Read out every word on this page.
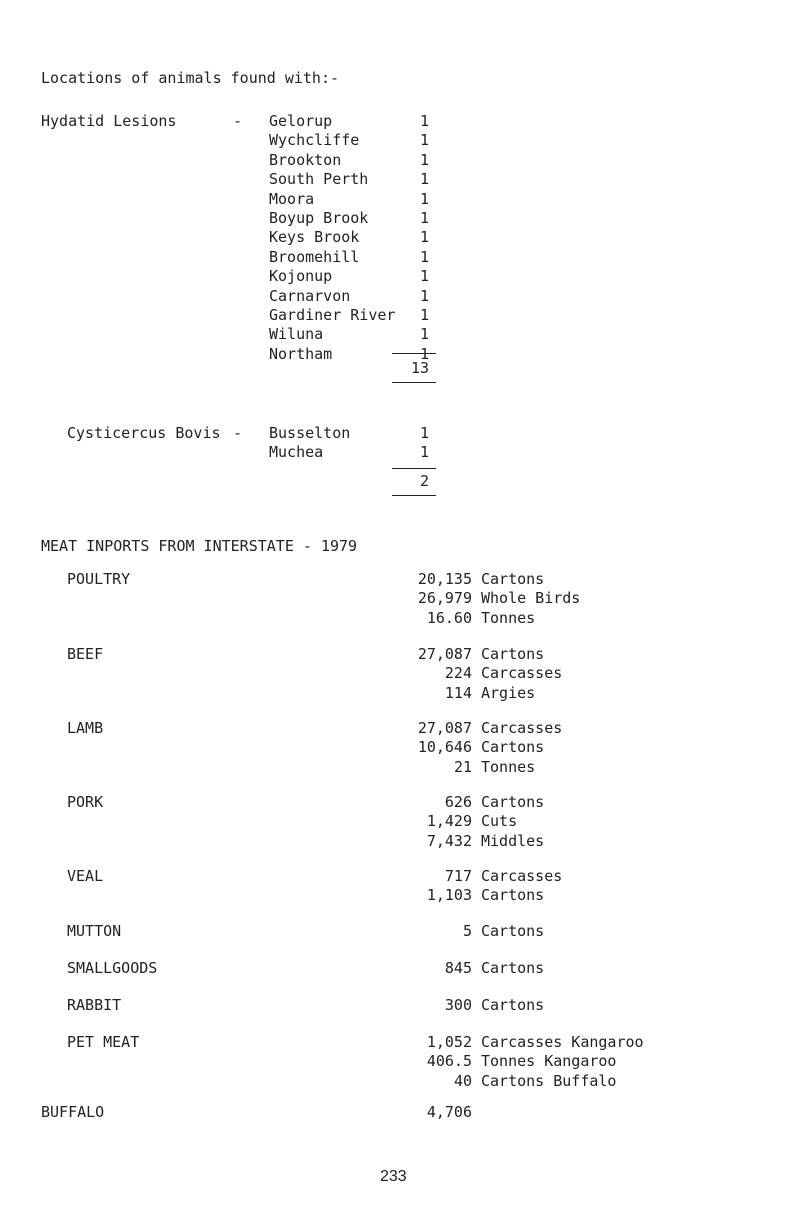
Locations of animals found with:-
Hydatid Lesions	- Gelorup	1
Wychcliffe	1
Brookton	1
South Perth	1
Moora	1
Boyup Brook	1
Keys Brook	1
Broomehill	1
Kojonup	1
Carnarvon	1
Gardiner River	1
Wiluna	1
Northam	1
13
Cysticercus Bovis - Busselton	1
Muchea	1
2
MEAT INPORTS FROM INTERSTATE - 1979
POULTRY	20,135 Cartons
26,979 Whole Birds
16.60 Tonnes
BEEF	27,087 Cartons
224 Carcasses
114 Argies
LAMB	27,087 Carcasses
10,646 Cartons
21 Tonnes
PORK	626 Cartons
1,429 Cuts
7,432 Middles
VEAL	717 Carcasses
1,103 Cartons
MUTTON	5 Cartons
SMALLGOODS	845 Cartons
RABBIT	300 Cartons
PET MEAT	1,052 Carcasses Kangaroo
406.5 Tonnes Kangaroo
40 Cartons Buffalo
BUFFALO	4,706
233
